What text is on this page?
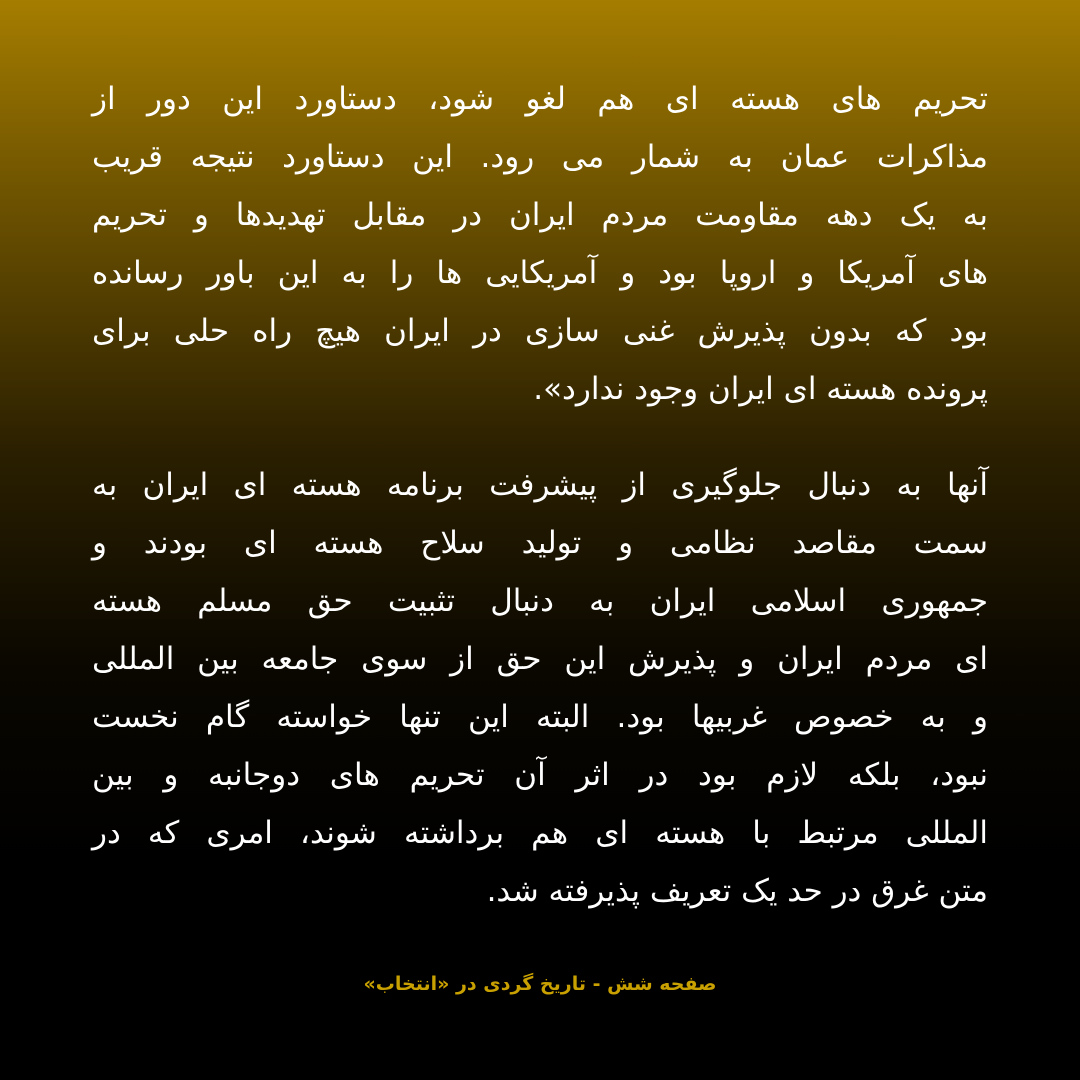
تحریم های هسته ای هم لغو شود، دستاورد این دور از
مذاکرات عمان به شمار می رود. این دستاورد نتیجه قریب
به یک دهه مقاومت مردم ایران در مقابل تهدیدها و تحریم
های آمریکا و اروپا بود و آمریکایی ها را به این باور رسانده
بود که بدون پذیرش غنی سازی در ایران هیچ راه حلی برای
پرونده هسته ای ایران وجود ندارد».
آنها به دنبال جلوگیری از پیشرفت برنامه هسته ای ایران به
سمت مقاصد نظامی و تولید سلاح هسته ای بودند و
جمهوری اسلامی ایران به دنبال تثبیت حق مسلم هسته
ای مردم ایران و پذیرش این حق از سوی جامعه بین المللی
و به خصوص غربیها بود. البته این تنها خواسته گام نخست
نبود، بلکه لازم بود در اثر آن تحریم های دوجانبه و بین
المللی مرتبط با هسته ای هم برداشته شوند، امری که در
متن غرق در حد یک تعریف پذیرفته شد.
صفحه شش - تاریخ گردی در «انتخاب»
